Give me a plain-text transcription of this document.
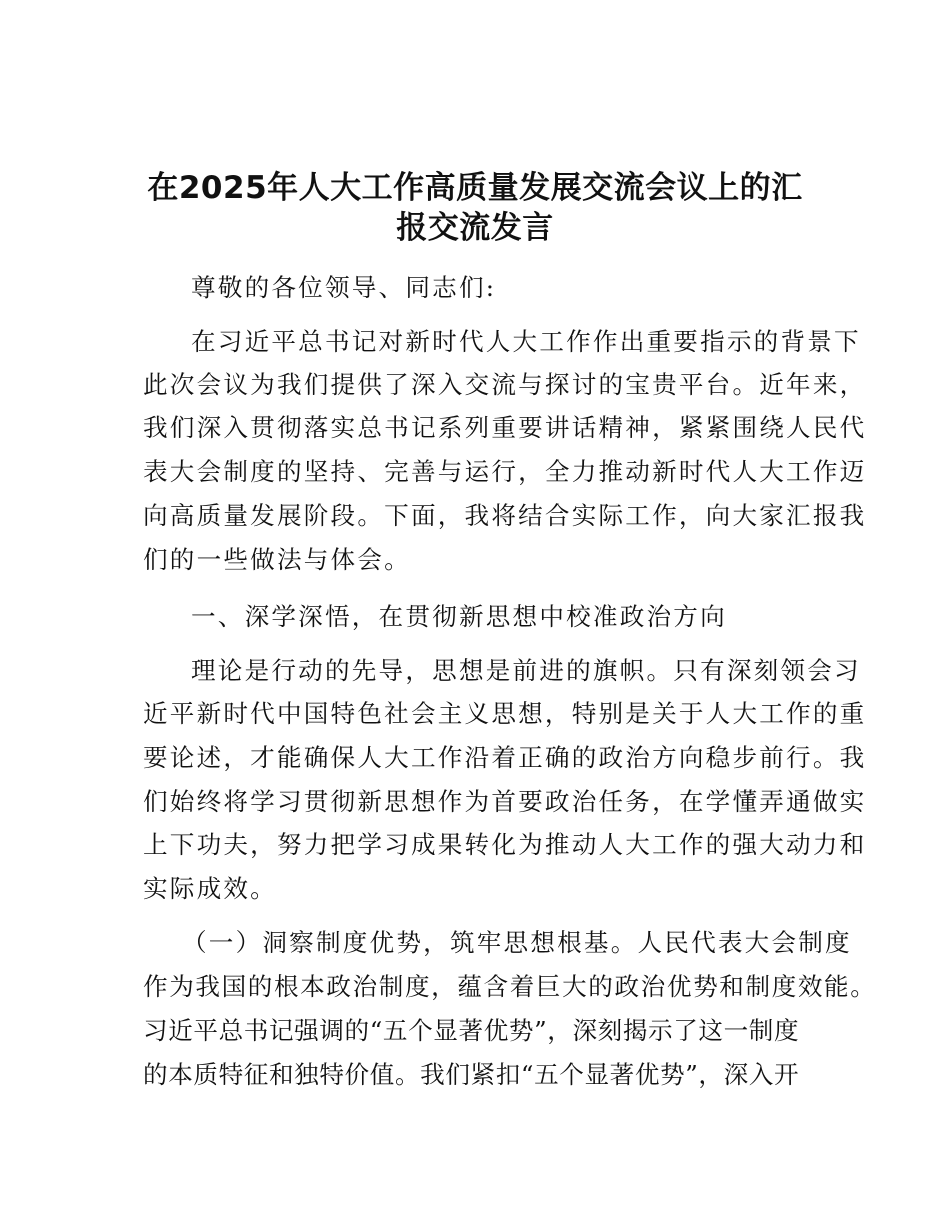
在2025年人大工作高质量发展交流会议上的汇
报交流发言
尊敬的各位领导、同志们:
在习近平总书记对新时代人大工作作出重要指示的背景下
此次会议为我们提供了深入交流与探讨的宝贵平台。近年来，
我们深入贯彻落实总书记系列重要讲话精神，紧紧围绕人民代
表大会制度的坚持、完善与运行，全力推动新时代人大工作迈
向高质量发展阶段。下面，我将结合实际工作，向大家汇报我
们的一些做法与体会。
一、深学深悟，在贯彻新思想中校准政治方向
理论是行动的先导，思想是前进的旗帜。只有深刻领会习
近平新时代中国特色社会主义思想，特别是关于人大工作的重
要论述，才能确保人大工作沿着正确的政治方向稳步前行。我
们始终将学习贯彻新思想作为首要政治任务，在学懂弄通做实
上下功夫，努力把学习成果转化为推动人大工作的强大动力和
实际成效。
（一）洞察制度优势，筑牢思想根基。人民代表大会制度
作为我国的根本政治制度，蕴含着巨大的政治优势和制度效能。
习近平总书记强调的“五个显著优势”，深刻揭示了这一制度
的本质特征和独特价值。我们紧扣“五个显著优势”，深入开
